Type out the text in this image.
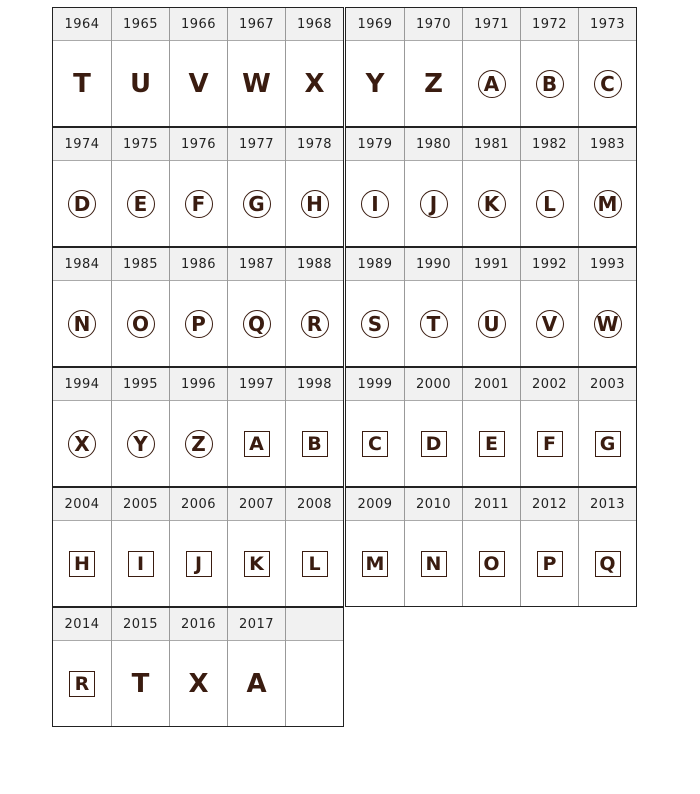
1964
T
1965
U
1966
V
1967
W
1968
X
1974
D
1975
E
1976
F
1977
G
1978
H
1984
N
1985
O
1986
P
1987
Q
1988
R
1994
X
1995
Y
1996
Z
1997
A
1998
B
2004
H
2005
I
2006
J
2007
K
2008
L
2014
R
2015
T
2016
X
2017
A
1969
Y
1970
Z
1971
A
1972
B
1973
C
1979
I
1980
J
1981
K
1982
L
1983
M
1989
S
1990
T
1991
U
1992
V
1993
W
1999
C
2000
D
2001
E
2002
F
2003
G
2009
M
2010
N
2011
O
2012
P
2013
Q
